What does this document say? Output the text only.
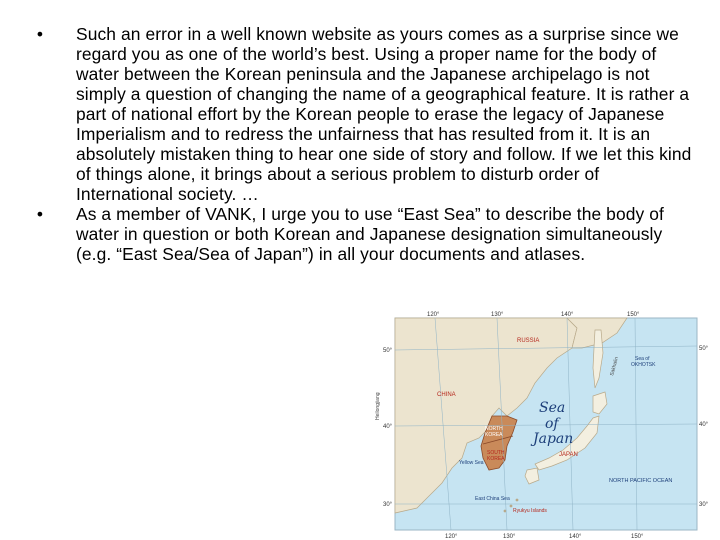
•	Such an error in a well known website as yours comes as a surprise since we regard you as one of the world’s best. Using a proper name for the body of water between the Korean peninsula and the Japanese archipelago is not simply a question of changing the name of a geographical feature. It is rather a part of national effort by the Korean people to erase the legacy of Japanese Imperialism and to redress the unfairness that has resulted from it. It is an absolutely mistaken thing to hear one side of story and follow. If we let this kind of things alone, it brings about a serious problem to disturb order of International society. …
•	As a member of VANK, I urge you to use “East Sea” to describe the body of water in question or both Korean and Japanese designation simultaneously (e.g. “East Sea/Sea of Japan”) in all your documents and atlases.
120°	130°	140°	150°
120°	130°	140°	150°
50°
40°
30°
50°
40°
30°
RUSSIA
CHINA
Heilongjiang
NORTH
KOREA
SOUTH
KOREA
JAPAN
Sea of
OKHOTSK
Sakhalin
Yellow Sea
East China Sea
Ryukyu Islands
NORTH PACIFIC OCEAN
Sea
of
Japan
